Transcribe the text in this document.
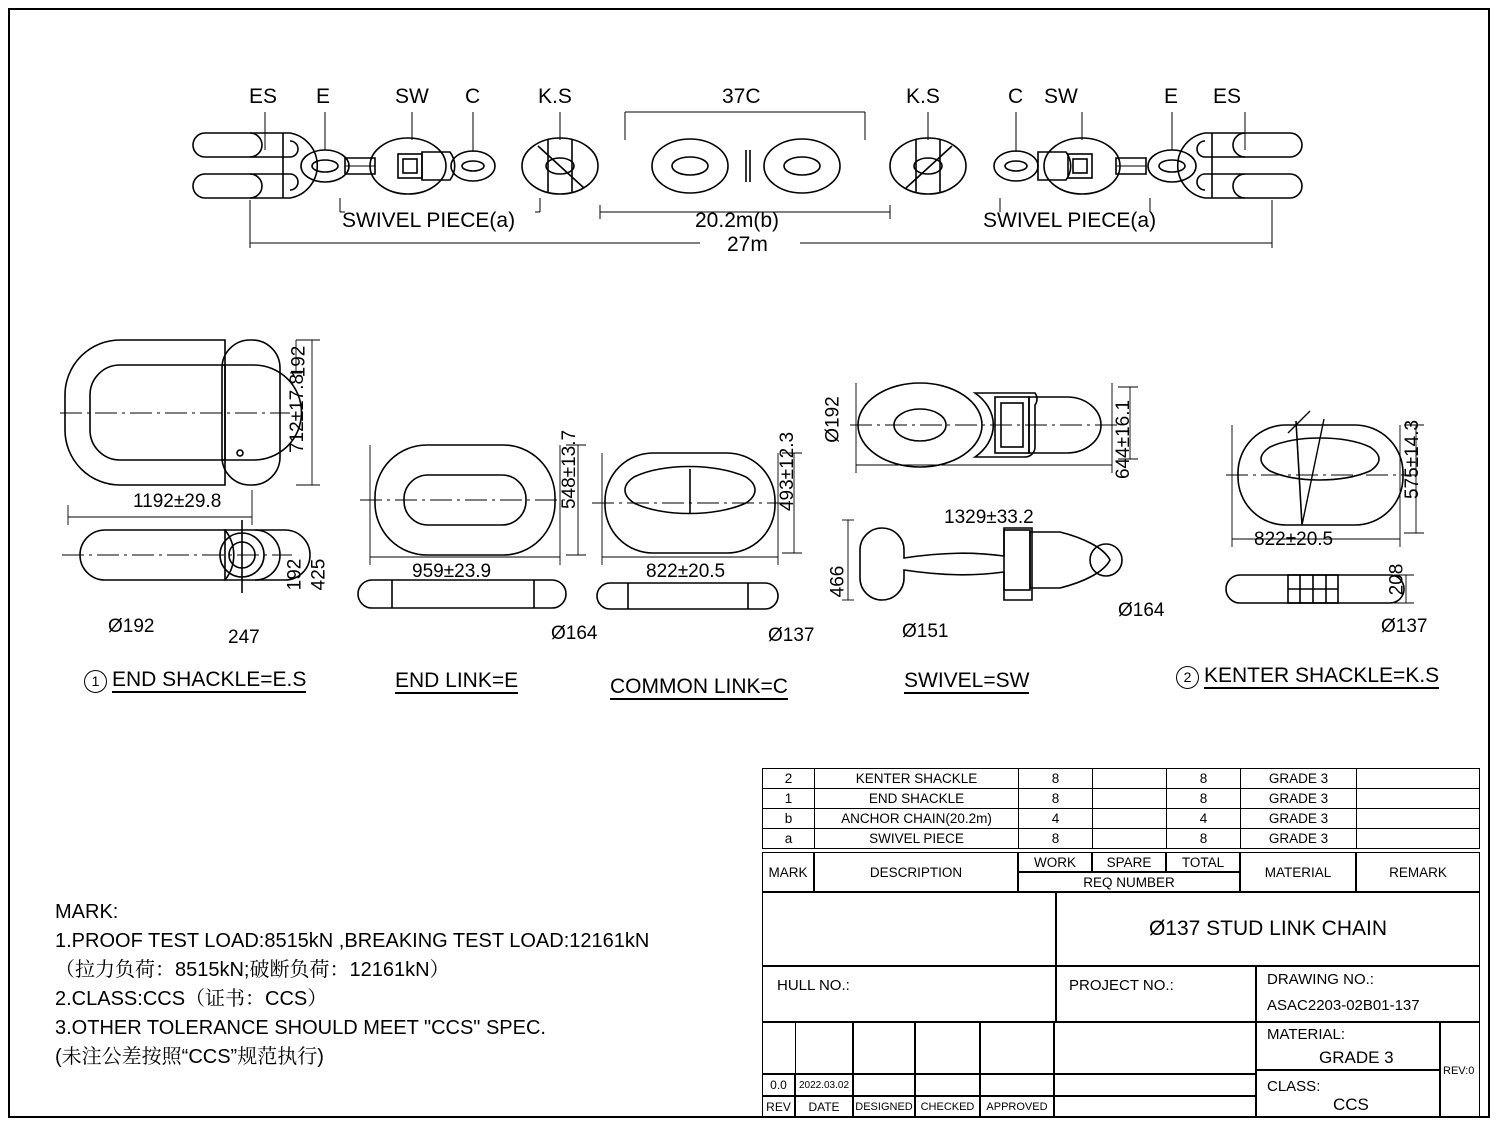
ES E	SW C	K.S	37C	K.S	C SW	E ES
SWIVEL PIECE(a)	SWIVEL PIECE(a)
20.2m(b)
27m
1192±29.8
712±17.8
192
192 425
247
Ø192
959±23.9
548±13.7
Ø164
822±20.5
493±12.3
Ø137
1329±33.2
644±16.1
Ø192
466
Ø151
Ø164
822±20.5
575±14.3
208
Ø137
1 END SHACKLE=E.S	END LINK=E	COMMON LINK=C	SWIVEL=SW	2 KENTER SHACKLE=K.S
MARK:
1.PROOF TEST LOAD:8515kN ,BREAKING TEST LOAD:12161kN
（拉力负荷：8515kN;破断负荷：12161kN）
2.CLASS:CCS（证书：CCS）
3.OTHER TOLERANCE SHOULD MEET "CCS" SPEC.
(未注公差按照“CCS”规范执行)
2	KENTER SHACKLE	8		8	GRADE 3	
1	END SHACKLE	8		8	GRADE 3	
b	ANCHOR CHAIN(20.2m)	4		4	GRADE 3	
a	SWIVEL PIECE	8		8	GRADE 3	
MARK	DESCRIPTION
WORK	SPARE	TOTAL
REQ NUMBER
MATERIAL	REMARK
Ø137 STUD LINK CHAIN
HULL NO.:	PROJECT NO.:	DRAWING NO.:
ASAC2203-02B01-137
MATERIAL:
GRADE 3
CLASS:
CCS
REV:0
0.0	2022.03.02
REV	DATE	DESIGNED CHECKED	APPROVED
